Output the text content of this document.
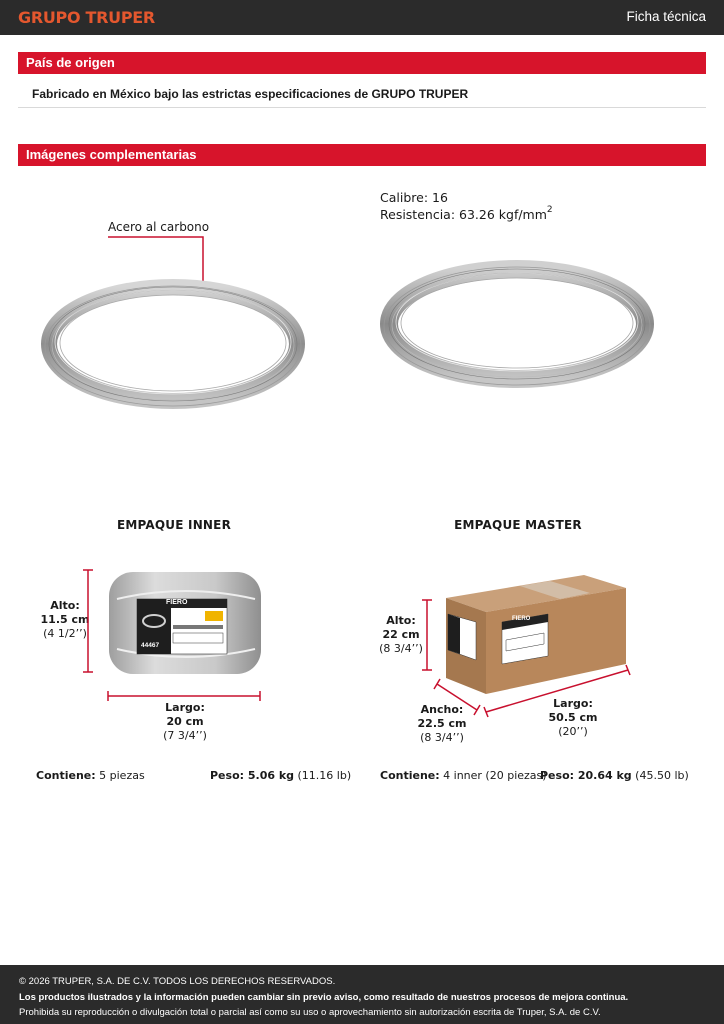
GRUPO TRUPER	Ficha técnica
País de origen
Fabricado en México bajo las estrictas especificaciones de GRUPO TRUPER
Imágenes complementarias
Acero al carbono
Calibre: 16
Resistencia: 63.26 kgf/$mm^2$
EMPAQUE INNER
Alto:
11.5 cm
(4 1/2’’)
FIERO
44467
Largo:
20 cm
(7 3/4’’)
Contiene: 5 piezas	Peso: 5.06 kg (11.16 lb)
EMPAQUE MASTER
Alto:
22 cm
(8 3/4’’)
FIERO
Ancho:
22.5 cm
(8 3/4’’)
Largo:
50.5 cm
(20’’)
Contiene: 4 inner (20 piezas)
Peso: 20.64 kg (45.50 lb)
© 2026 TRUPER, S.A. DE C.V. TODOS LOS DERECHOS RESERVADOS.
Los productos ilustrados y la información pueden cambiar sin previo aviso, como resultado de nuestros procesos de mejora continua.
Prohibida su reproducción o divulgación total o parcial así como su uso o aprovechamiento sin autorización escrita de Truper, S.A. de C.V.
